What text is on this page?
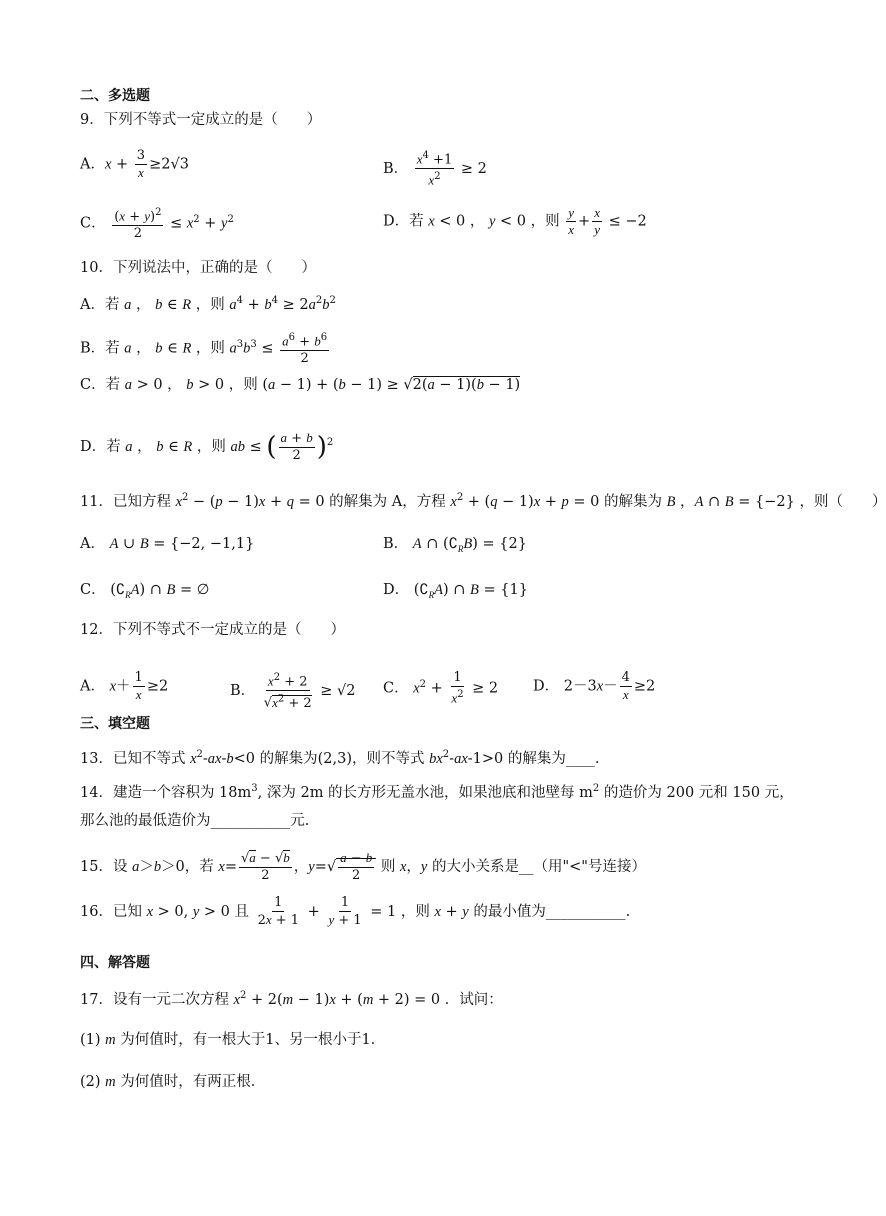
二、多选题
9．下列不等式一定成立的是（　　）
A．$x + \frac{3}{x} \ge 2√3$	B． $\frac{x^4 +1}{x^2} \ge 2$
C． $\frac{(x + y)^2}{2} \le x^2 + y^2$	D．若 x < 0 ， y < 0 ，则 $\frac{y}{x} + \frac{x}{y} \le -2$
10．下列说法中，正确的是（　　）
A．若 a ， b ∈ R ，则 $a^4 + b^4 \ge 2a^2b^2$
B．若 a ， b ∈ R ，则 $a^3b^3 \le \frac{a^6 + b^6}{2}$
C．若 a > 0 ， b > 0 ，则 (a − 1) + (b − 1) ≥ √2(a − 1)(b − 1)
D．若 a ， b ∈ R ，则 ab ≤ ( $\frac{a + b}{2} )^2$
11．已知方程 $x^2 - (p - 1)x + q = 0$ 的解集为 A，方程 $x^2 + (q - 1)x + p = 0$ 的解集为 B ，A ∩ B = {−2} ，则（　　）
A． A ∪ B = {−2, −1,1}	B． A ∩ $(∁_RB) = \{2\}$
C． $(∁_RA)$ ∩ B = ∅	D． $(∁_RA)$ ∩ B = {1}
12．下列不等式不一定成立的是（　　）
A． $x+ \frac{1}{x} \ge 2$	B． $\frac{x^2 + 2}{√x^2 + 2} \ge √2$ C． $x^2 + \frac{1}{x^2} \ge 2$ D． $2-3x- \frac{4}{x} \ge 2$
三、填空题
13．已知不等式 $x^2-ax-b<0$ 的解集为(2,3)，则不等式 $bx^2-ax-1>0$ 的解集为____.
14．建造一个容积为 $18m^3$, 深为 2m 的长方形无盖水池，如果池底和池壁每 $m^2$ 的造价为 200 元和 150 元，
那么池的最低造价为___________元.
15．设 a＞b＞0，若 $x= \frac{√a - √b}{2}$ ，$y=√ \frac{a - b}{2}$ 则 x，y 的大小关系是__（用"<"号连接）
16．已知 x > 0, y > 0 且 $\frac{1}{2x + 1} + \frac{1}{y + 1} = 1$ ，则 x + y 的最小值为___________.
四、解答题
17．设有一元二次方程 $x^2 + 2(m - 1)x + (m + 2) = 0$ ．试问：
(1) m 为何值时，有一根大于1、另一根小于1．
(2) m 为何值时，有两正根．
